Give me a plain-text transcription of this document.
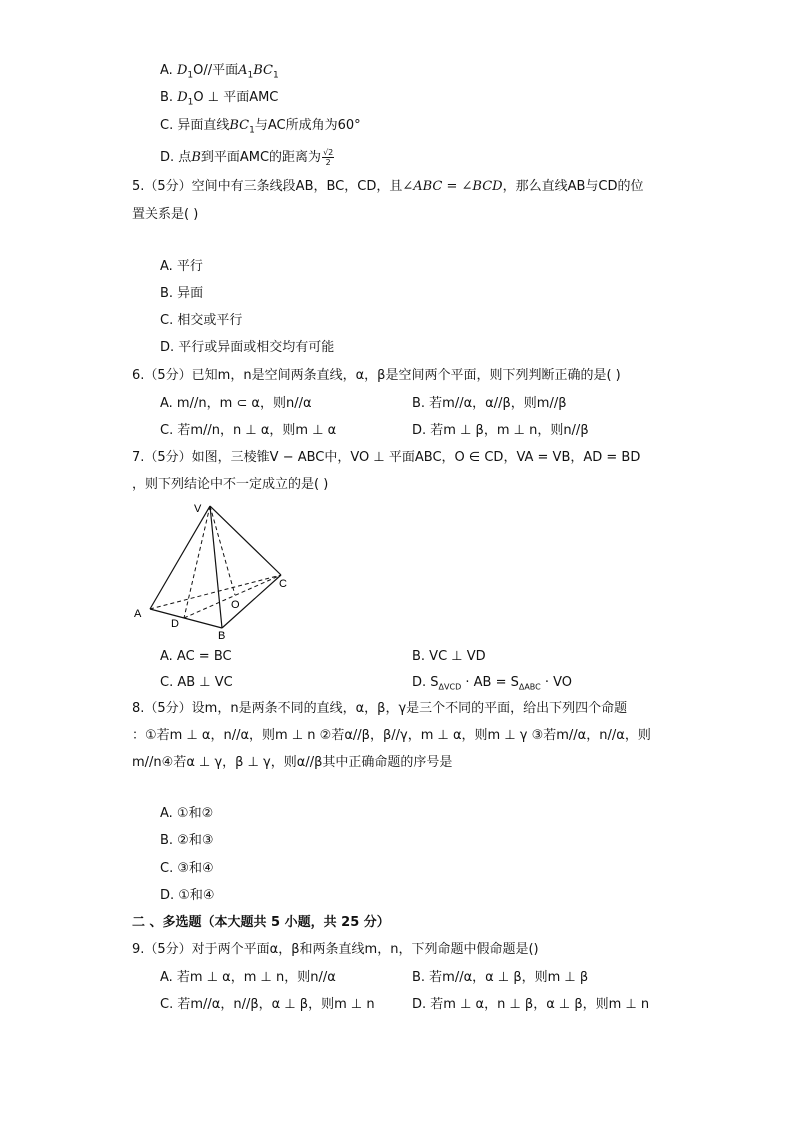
A. $D_1O//$平面$A_1BC_1$
B. $D_1O$ ⊥ 平面AMC
C. 异面直线$BC_1$与AC所成角为60°
D. 点B到平面AMC的距离为 $\frac{√2}{2}$
5.（5分）空间中有三条线段AB，BC，CD，且∠ABC = ∠BCD，那么直线AB与CD的位
置关系是( )
A. 平行
B. 异面
C. 相交或平行
D. 平行或异面或相交均有可能
6.（5分）已知m，n是空间两条直线，α，β是空间两个平面，则下列判断正确的是( )
A. m//n，m ⊂ α，则n//α	B. 若m//α，α//β，则m//β
C. 若m//n，n ⊥ α，则m ⊥ α	D. 若m ⊥ β，m ⊥ n，则n//β
7.（5分）如图，三棱锥V − ABC中，VO ⊥ 平面ABC，O ∈ CD，VA = VB，AD = BD
，则下列结论中不一定成立的是( )
V
A
B
C
D
O
A. AC = BC	B. VC ⊥ VD
C. AB ⊥ VC	D. $S_{\Delta VCD}$ · AB = $S_{\Delta ABC}$ · VO
8.（5分）设m，n是两条不同的直线，α，β，γ是三个不同的平面，给出下列四个命题
：①若m ⊥ α，n//α，则m ⊥ n ②若α//β，β//γ，m ⊥ α，则m ⊥ γ ③若m//α，n//α，则
m//n④若α ⊥ γ，β ⊥ γ，则α//β其中正确命题的序号是
A. ①和②
B. ②和③
C. ③和④
D. ①和④
二 、多选题（本大题共 5 小题，共 25 分）
9.（5分）对于两个平面α，β和两条直线m，n，下列命题中假命题是()
A. 若m ⊥ α，m ⊥ n，则n//α	B. 若m//α，α ⊥ β，则m ⊥ β
C. 若m//α，n//β，α ⊥ β，则m ⊥ n	D. 若m ⊥ α，n ⊥ β，α ⊥ β，则m ⊥ n
